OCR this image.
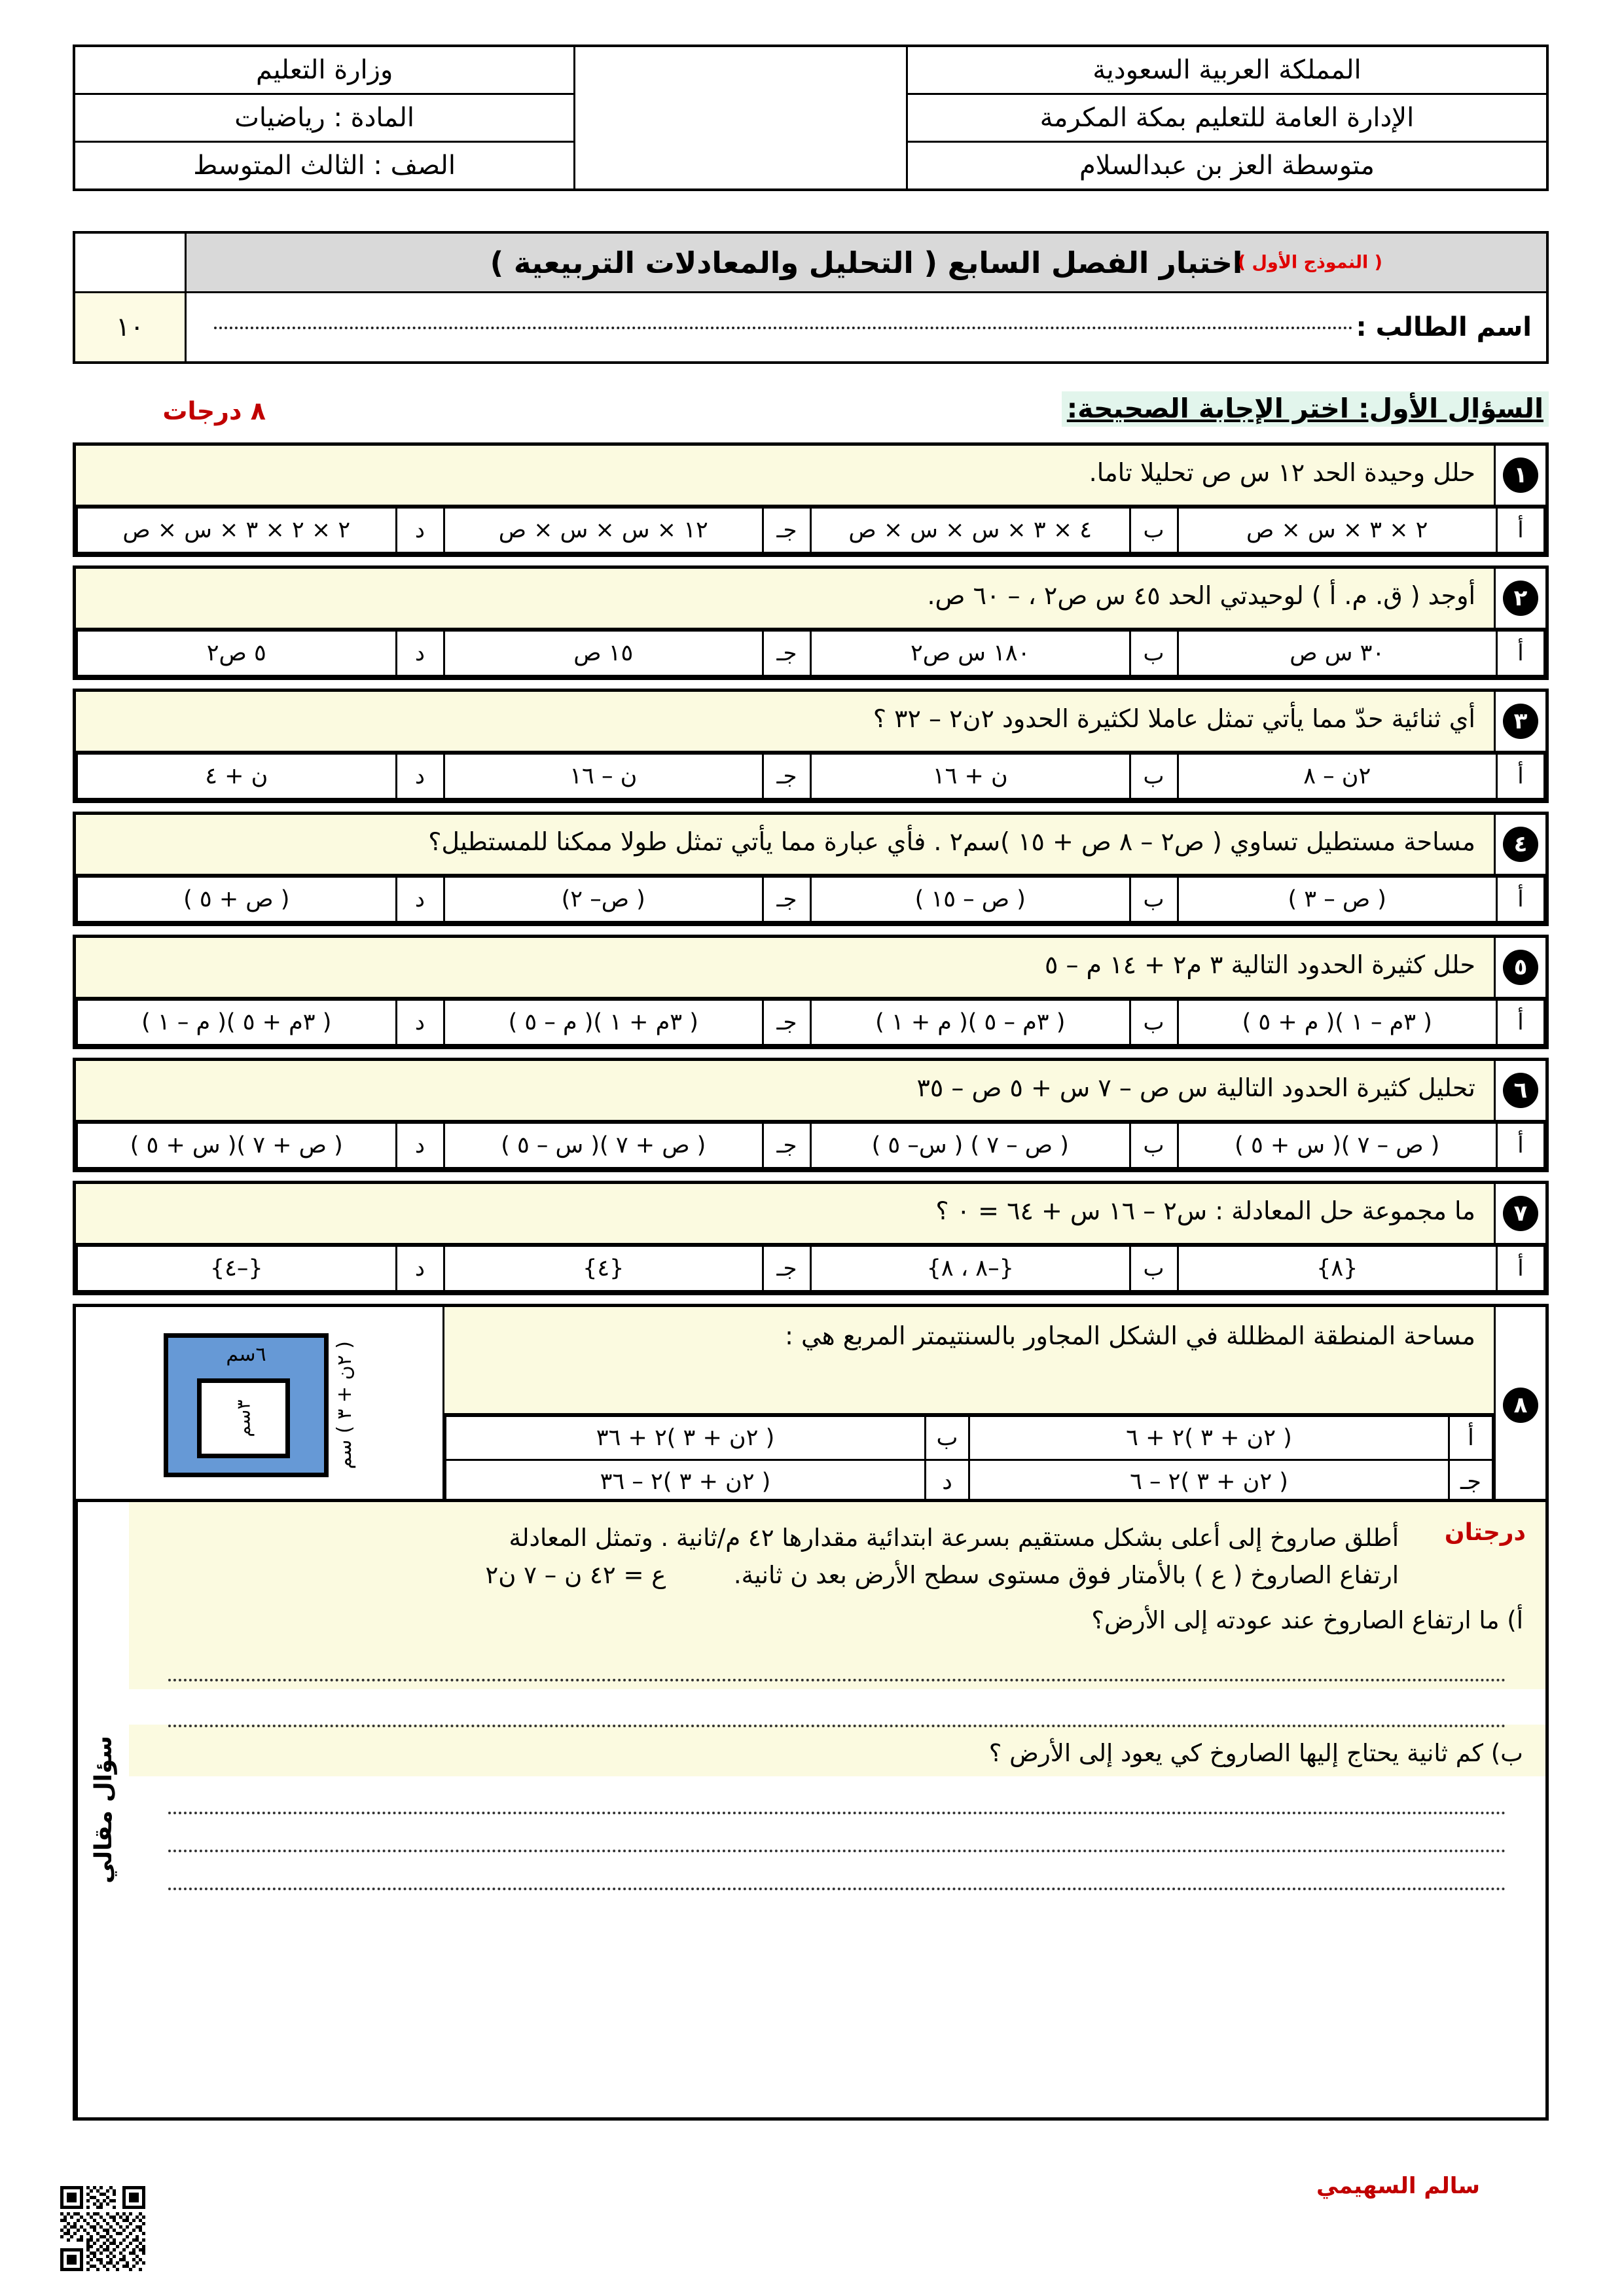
المملكة العربية السعودية		وزارة التعليم
الإدارة العامة للتعليم بمكة المكرمة		المادة : رياضيات
متوسطة العز بن عبدالسلام		الصف : الثالث المتوسط
اختبار الفصل السابع ( التحليل والمعادلات التربيعية )
( النموذج الأول )	

اسم الطالب :	١٠
السؤال الأول: اختر الإجابة الصحيحة:
٨ درجات
١	حلل وحيدة الحد ١٢ س ص تحليلا تاما.

أ	٢ × ٣ × س × ص	ب	٤ × ٣ × س × س × ص	جـ	١٢ × س × س × ص	د	٢ × ٢ × ٣ × س × ص
٢	أوجد ( ق. م. أ ) لوحيدتي الحد ٤٥ س ص٢ ، – ٦٠ ص.

أ	٣٠ س ص	ب	١٨٠ س ص٢	جـ	١٥ ص	د	٥ ص٢
٣	أي ثنائية حدّ مما يأتي تمثل عاملا لكثيرة الحدود ٢ن٢ – ٣٢ ؟

أ	٢ن – ٨	ب	ن + ١٦	جـ	ن – ١٦	د	ن + ٤
٤	مساحة مستطيل تساوي ( ص٢ – ٨ ص + ١٥ )سم٢ . فأي عبارة مما يأتي تمثل طولا ممكنا للمستطيل؟

أ	( ص – ٣ )	ب	( ص – ١٥ )	جـ	( ص– ٢)	د	( ص + ٥ )
٥	حلل كثيرة الحدود التالية ٣ م٢ + ١٤ م – ٥

أ	( ٣م – ١ )( م + ٥ )	ب	( ٣م – ٥ )( م + ١ )	جـ	( ٣م + ١ )( م – ٥ )	د	( ٣م + ٥ )( م – ١ )
٦	تحليل كثيرة الحدود التالية س ص – ٧ س + ٥ ص – ٣٥

أ	( ص – ٧ )( س + ٥ )	ب	( ص – ٧ ) ( س– ٥ )	جـ	( ص + ٧ )( س – ٥ )	د	( ص + ٧ )( س + ٥ )
٧	ما مجموعة حل المعادلة : س٢ – ١٦ س + ٦٤ = ٠ ؟

أ	{٨}	ب	{–٨ ، ٨}	جـ	{٤}	د	{–٤}
٨	
مساحة المنطقة المظللة في الشكل المجاور بالسنتيمتر المربع هي :
أ	( ٢ن + ٣ )٢ + ٦	ب	( ٢ن + ٣ )٢ + ٣٦
جـ	( ٢ن + ٣ )٢ – ٦	د	( ٢ن + ٣ )٢ – ٣٦

( ٢ن + ٣ ) سم
٦سم
٣سم
درجتان
أطلق صاروخ إلى أعلى بشكل مستقيم بسرعة ابتدائية مقدارها ٤٢ م/ثانية . وتمثل المعادلة
ارتفاع الصاروخ ( ع ) بالأمتار فوق مستوى سطح الأرض بعد ن ثانية.  ع = ٤٢ ن – ٧ ن٢
أ) ما ارتفاع الصاروخ عند عودته إلى الأرض؟
ب) كم ثانية يحتاج إليها الصاروخ كي يعود إلى الأرض ؟
سؤال مقالي
سالم السهيمي
